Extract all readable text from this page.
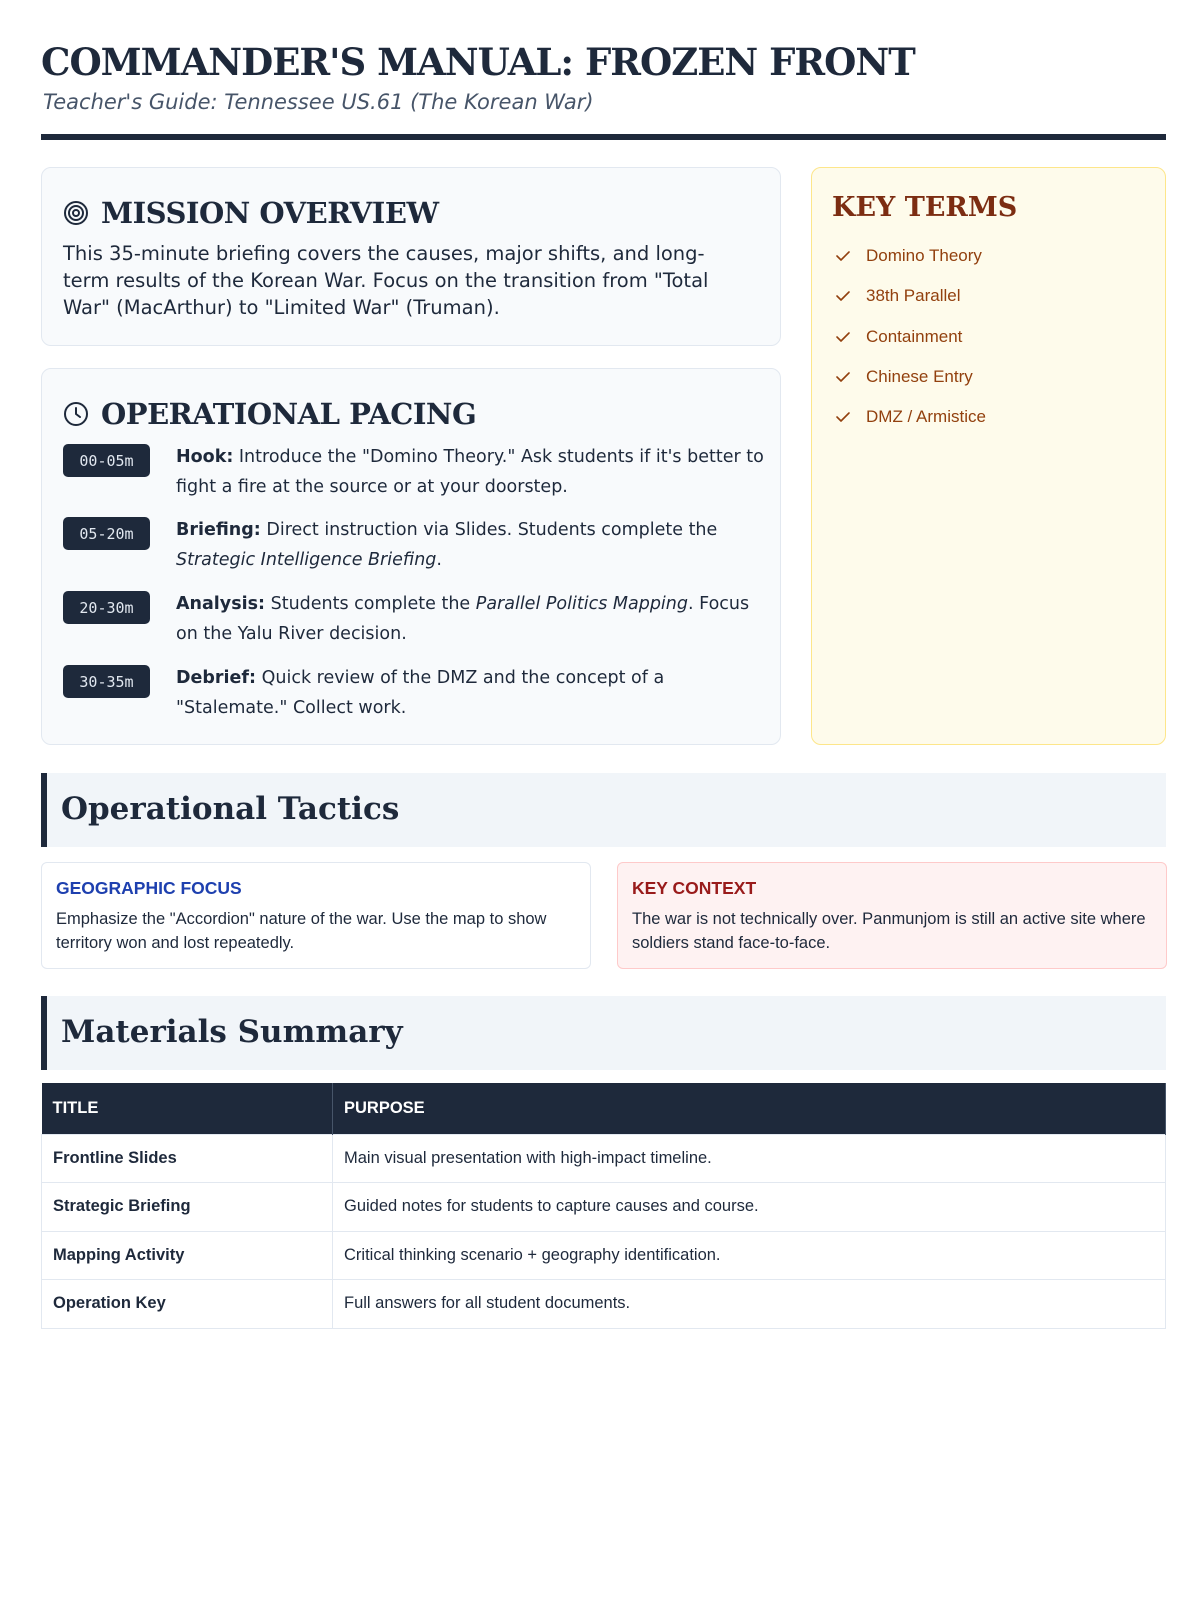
COMMANDER'S MANUAL: FROZEN FRONT
Teacher's Guide: Tennessee US.61 (The Korean War)
MISSION OVERVIEW

This 35-minute briefing covers the causes, major shifts, and long-term results of the Korean War. Focus on the transition from "Total War" (MacArthur) to "Limited War" (Truman).

OPERATIONAL PACING
00-05m	Hook: Introduce the "Domino Theory." Ask students if it's better to fight a fire at the source or at your doorstep.
05-20m	Briefing: Direct instruction via Slides. Students complete the Strategic Intelligence Briefing.
20-30m	Analysis: Students complete the Parallel Politics Mapping. Focus on the Yalu River decision.
30-35m	Debrief: Quick review of the DMZ and the concept of a "Stalemate." Collect work.
KEY TERMS
Domino Theory
38th Parallel
Containment
Chinese Entry
DMZ / Armistice
Operational Tactics
GEOGRAPHIC FOCUS

Emphasize the "Accordion" nature of the war. Use the map to show territory won and lost repeatedly.

KEY CONTEXT

The war is not technically over. Panmunjom is still an active site where soldiers stand face-to-face.

Materials Summary
TITLE	PURPOSE
Frontline Slides	Main visual presentation with high-impact timeline.
Strategic Briefing	Guided notes for students to capture causes and course.
Mapping Activity	Critical thinking scenario + geography identification.
Operation Key	Full answers for all student documents.
